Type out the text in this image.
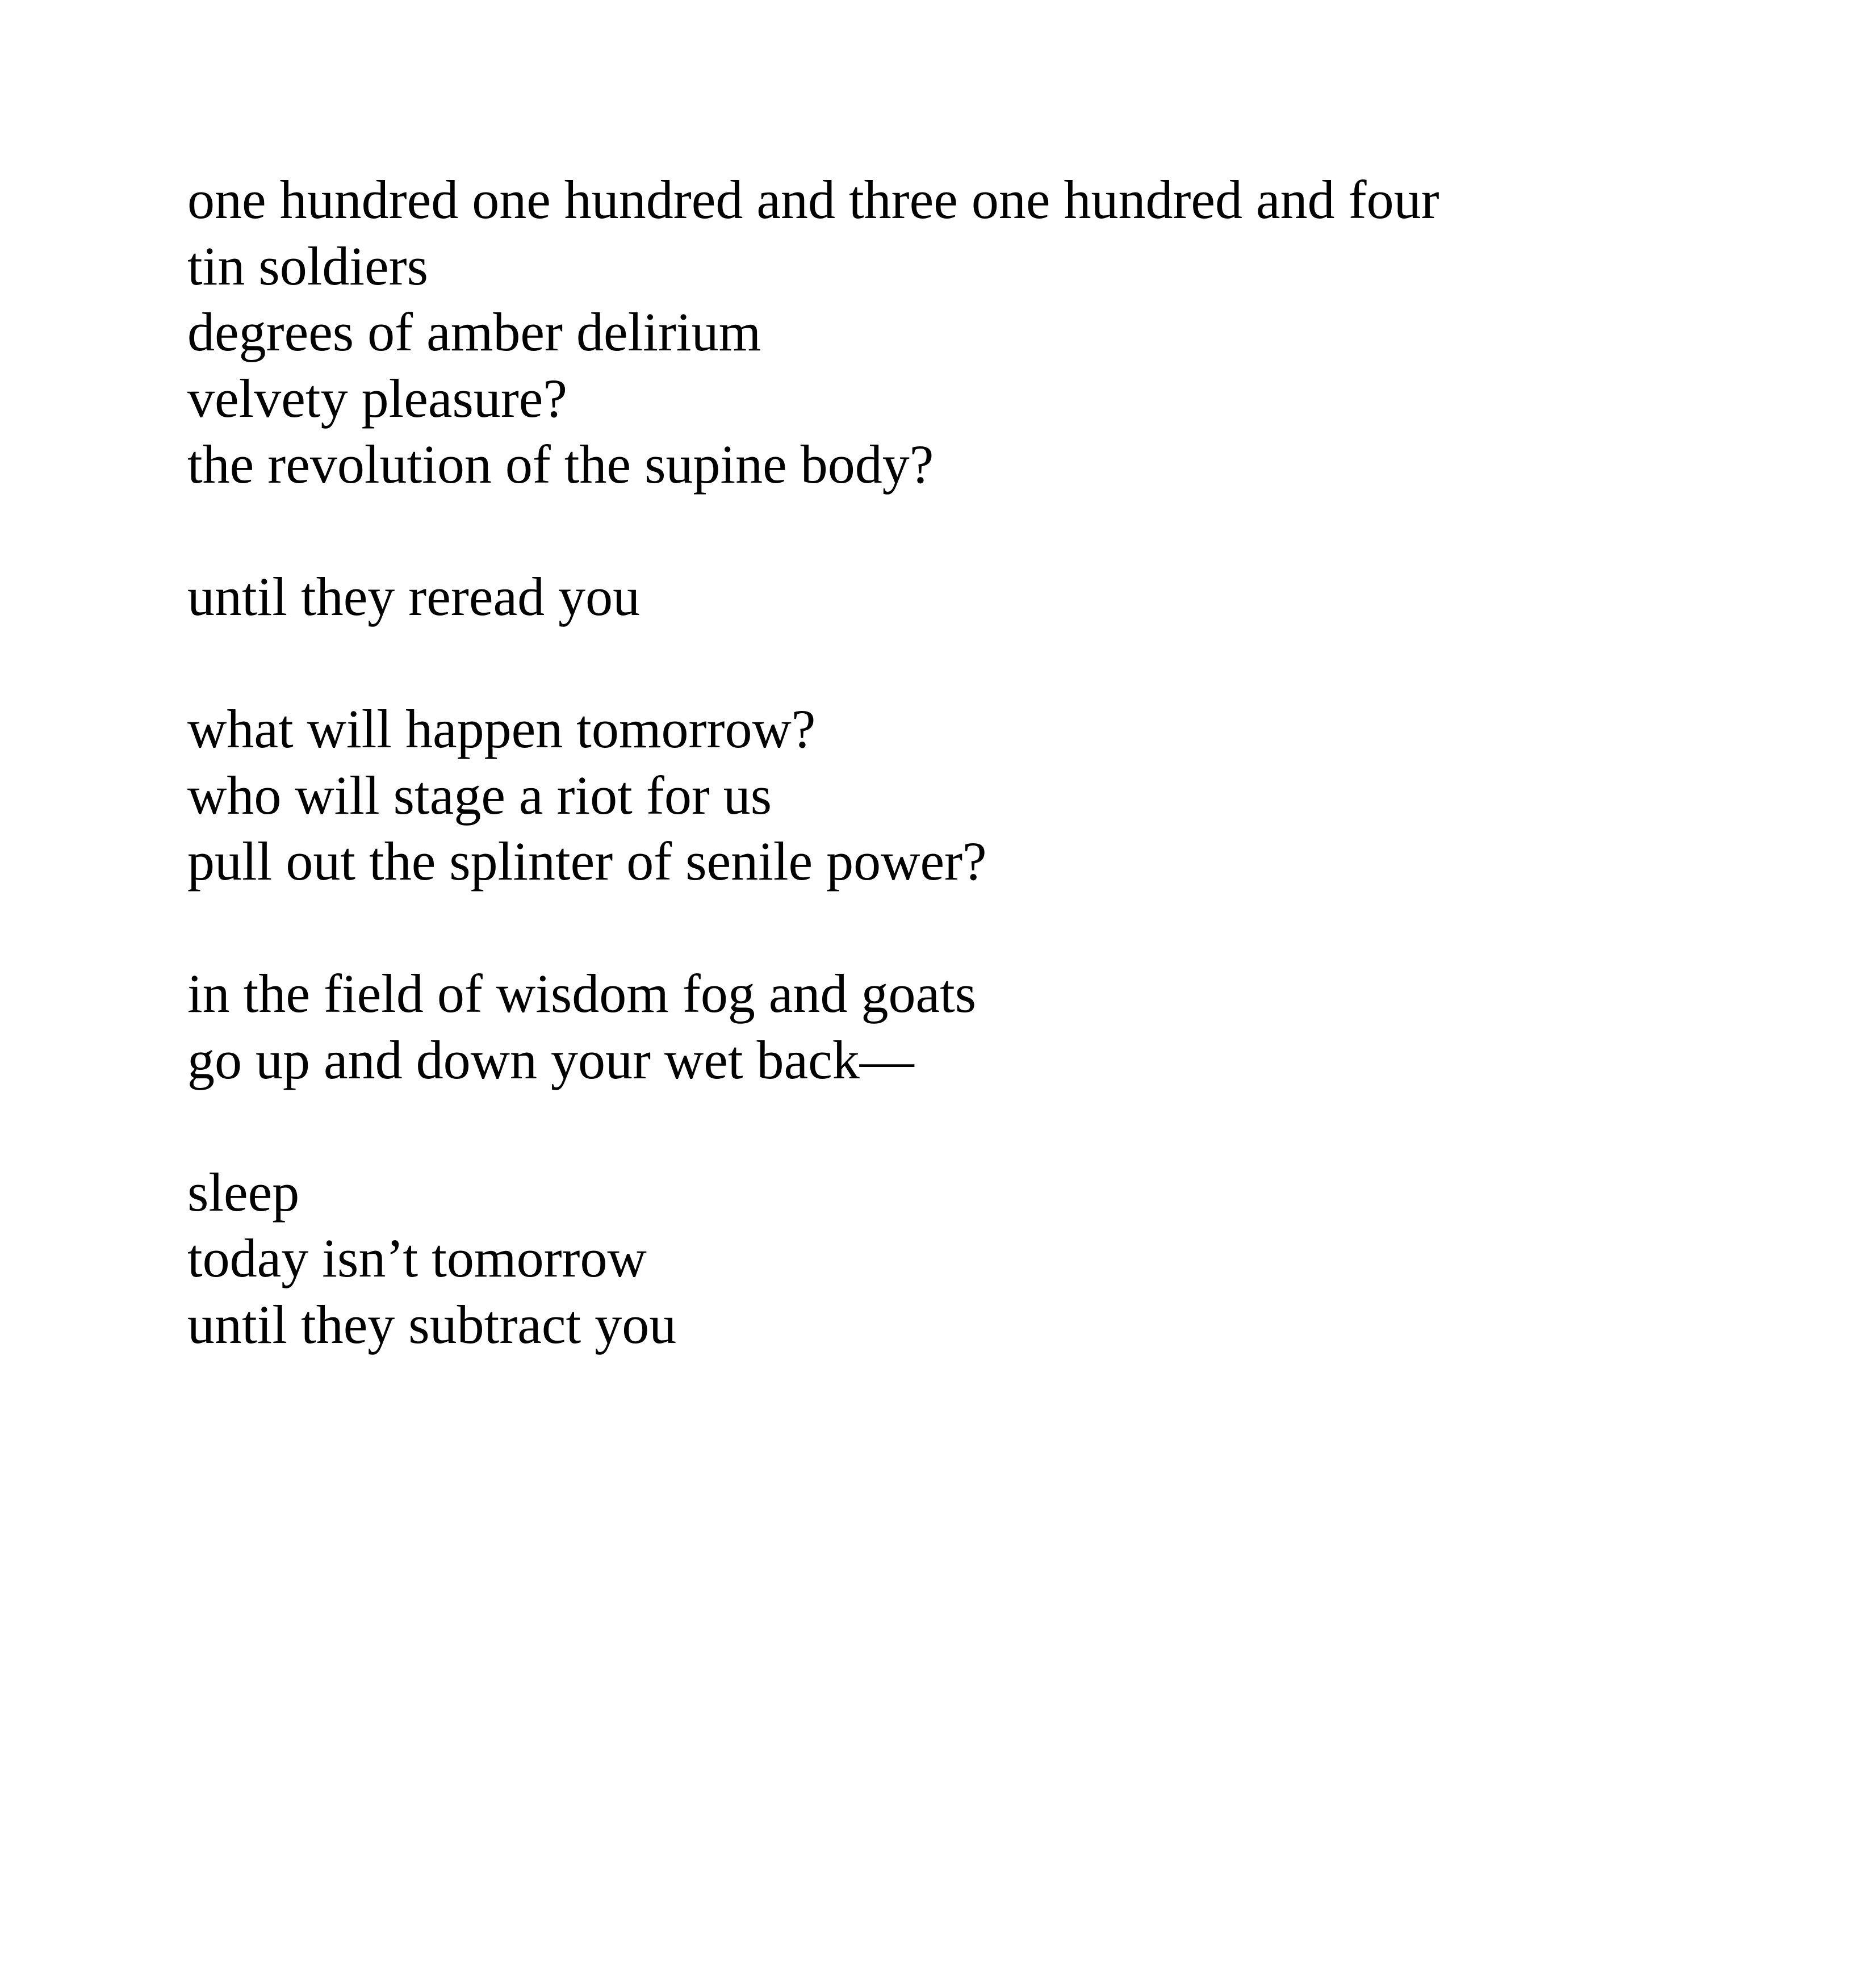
one hundred one hundred and three one hundred and four
tin soldiers
degrees of amber delirium
velvety pleasure?
the revolution of the supine body?
until they reread you
what will happen tomorrow?
who will stage a riot for us
pull out the splinter of senile power?
in the field of wisdom fog and goats
go up and down your wet back—
sleep
today isn’t tomorrow
until they subtract you
